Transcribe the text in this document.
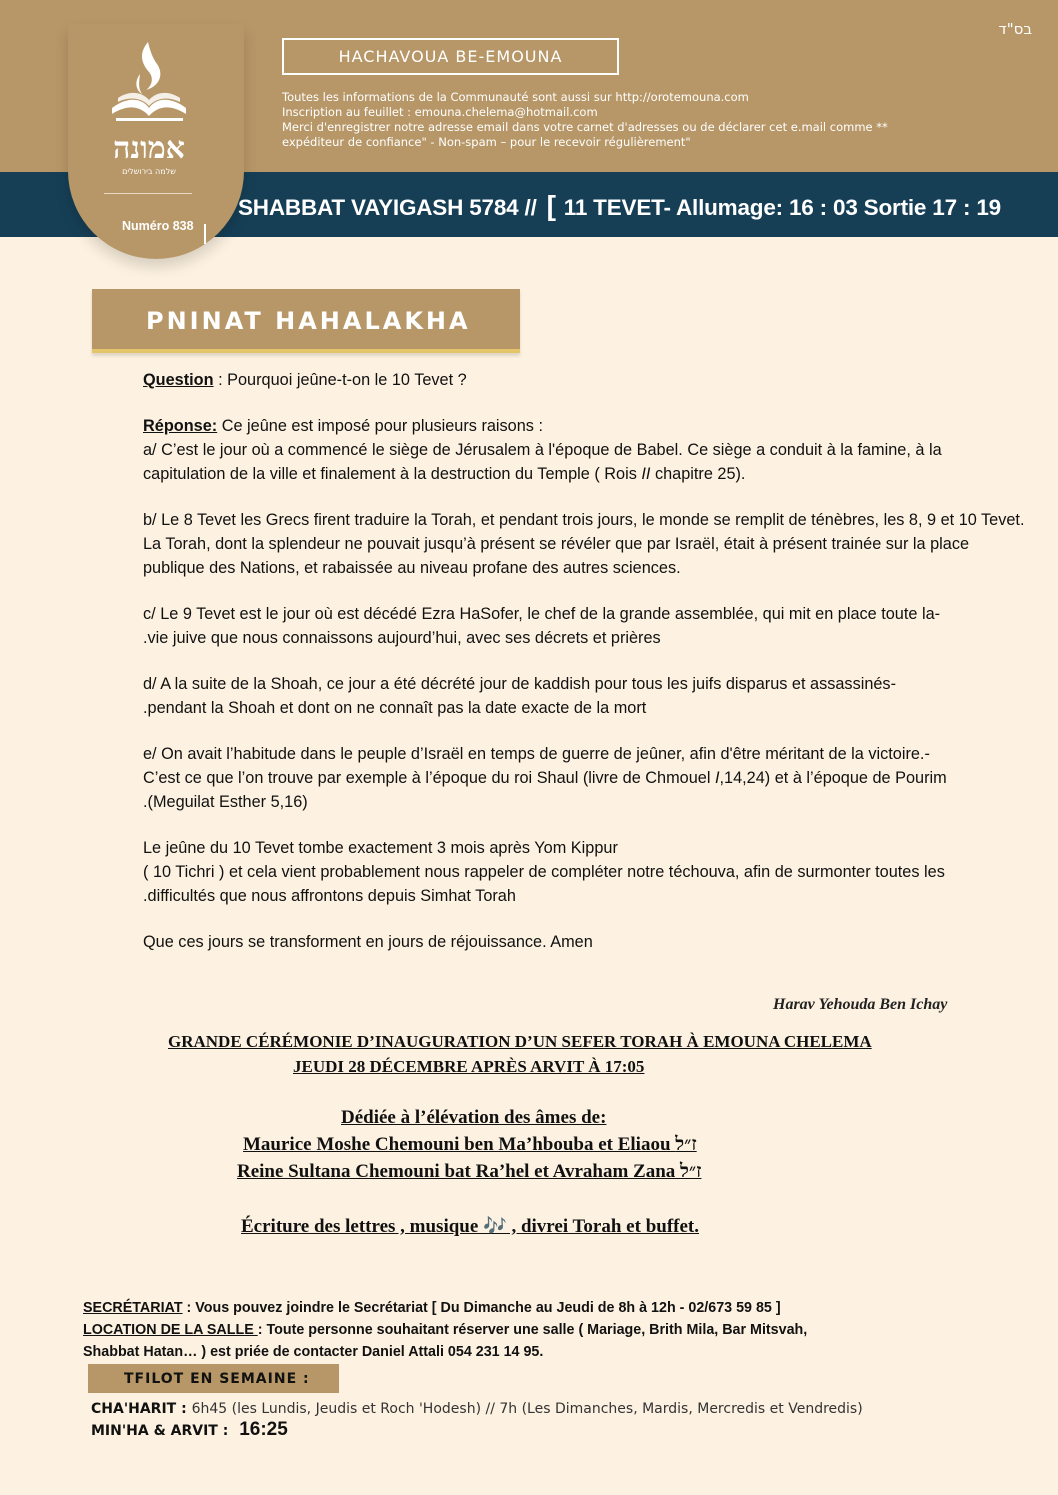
בס"ד
HACHAVOUA BE-EMOUNA
Toutes les informations de la Communauté sont aussi sur http://orotemouna.com
Inscription au feuillet : emouna.chelema@hotmail.com
Merci d'enregistrer notre adresse email dans votre carnet d'adresses ou de déclarer cet e.mail comme **
expéditeur de confiance" - Non-spam – pour le recevoir régulièrement"
אמונה
שלמה בירושלים
Numéro 838
SHABBAT VAYIGASH 5784 // [ 11 TEVET- Allumage: 16 : 03 Sortie 17 : 19
PNINAT HAHALAKHA

Question : Pourquoi jeûne-t-on le 10 Tevet ?

Réponse: Ce jeûne est imposé pour plusieurs raisons :
a/ C’est le jour où a commencé le siège de Jérusalem à l'époque de Babel. Ce siège a conduit à la famine, à la capitulation de la ville et finalement à la destruction du Temple ( Rois II chapitre 25).

b/ Le 8 Tevet les Grecs firent traduire la Torah, et pendant trois jours, le monde se remplit de ténèbres, les 8, 9 et 10 Tevet. La Torah, dont la splendeur ne pouvait jusqu’à présent se révéler que par Israël, était à présent trainée sur la place publique des Nations, et rabaissée au niveau profane des autres sciences.

c/ Le 9 Tevet est le jour où est décédé Ezra HaSofer, le chef de la grande assemblée, qui mit en place toute la-
.vie juive que nous connaissons aujourd’hui, avec ses décrets et prières

d/ A la suite de la Shoah, ce jour a été décrété jour de kaddish pour tous les juifs disparus et assassinés-
.pendant la Shoah et dont on ne connaît pas la date exacte de la mort

e/ On avait l’habitude dans le peuple d’Israël en temps de guerre de jeûner, afin d'être méritant de la victoire.-
C’est ce que l’on trouve par exemple à l’époque du roi Shaul (livre de Chmouel I,14,24) et à l’époque de Pourim
.(Meguilat Esther 5,16)

Le jeûne du 10 Tevet tombe exactement 3 mois après Yom Kippur
( 10 Tichri ) et cela vient probablement nous rappeler de compléter notre téchouva, afin de surmonter toutes les
.difficultés que nous affrontons depuis Simhat Torah

Que ces jours se transforment en jours de réjouissance. Amen

Harav Yehouda Ben Ichay
GRANDE CÉRÉMONIE D’INAUGURATION D’UN SEFER TORAH À EMOUNA CHELEMA
JEUDI 28 DÉCEMBRE APRÈS ARVIT À 17:05
Dédiée à l’élévation des âmes de:
Maurice Moshe Chemouni ben Ma’hbouba et Eliaou ז״ל
Reine Sultana Chemouni bat Ra’hel et Avraham Zana ז״ל
Écriture des lettres , musique 🎶 , divrei Torah et buffet.
SECRÉTARIAT : Vous pouvez joindre le Secrétariat [ Du Dimanche au Jeudi de 8h à 12h - 02/673 59 85 ]
LOCATION DE LA SALLE : Toute personne souhaitant réserver une salle ( Mariage, Brith Mila, Bar Mitsvah,
Shabbat Hatan… ) est priée de contacter Daniel Attali 054 231 14 95.
TFILOT EN SEMAINE :
CHA'HARIT : 6h45 (les Lundis, Jeudis et Roch 'Hodesh) // 7h (Les Dimanches, Mardis, Mercredis et Vendredis)
MIN'HA & ARVIT : 16:25
